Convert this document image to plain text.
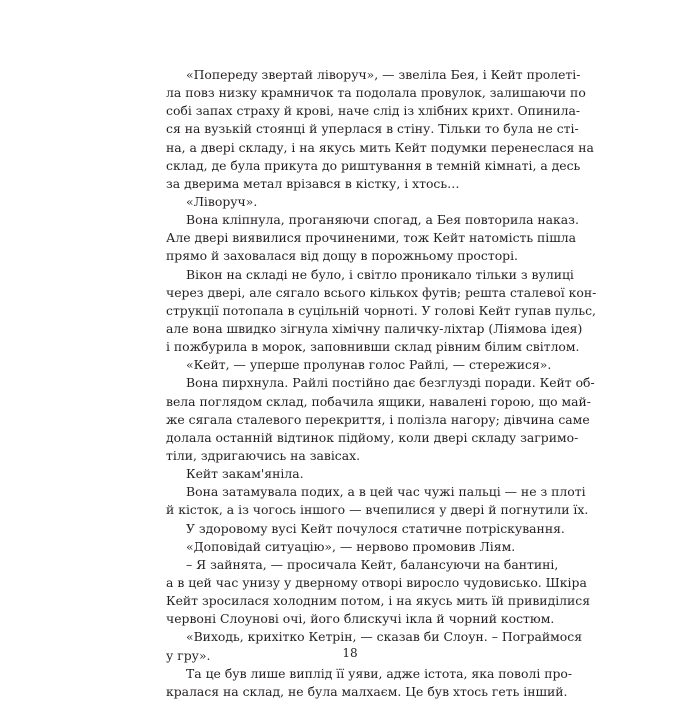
«Попереду звертай ліворуч», — звеліла Бея, і Кейт пролеті-
ла повз низку крамничок та подолала провулок, залишаючи по
собі запах страху й крові, наче слід із хлібних крихт. Опинила-
ся на вузькій стоянці й уперлася в стіну. Тільки то була не сті-
на, а двері складу, і на якусь мить Кейт подумки перенеслася на
склад, де була прикута до риштування в темній кімнаті, а десь
за дверима метал врізався в кістку, і хтось…
«Ліворуч».
Вона кліпнула, проганяючи спогад, а Бея повторила наказ.
Але двері виявилися прочиненими, тож Кейт натомість пішла
прямо й заховалася від дощу в порожньому просторі.
Вікон на складі не було, і світло проникало тільки з вулиці
через двері, але сягало всього кількох футів; решта сталевої кон-
струкції потопала в суцільній чорноті. У голові Кейт гупав пульс,
але вона швидко зігнула хімічну паличку-ліхтар (Ліямова ідея)
і пожбурила в морок, заповнивши склад рівним білим світлом.
«Кейт, — уперше пролунав голос Райлі, — стережися».
Вона пирхнула. Райлі постійно дає безглузді поради. Кейт об-
вела поглядом склад, побачила ящики, навалені горою, що май-
же сягала сталевого перекриття, і полізла нагору; дівчина саме
долала останній відтинок підйому, коли двері складу загримо-
тіли, здригаючись на завісах.
Кейт закам'яніла.
Вона затамувала подих, а в цей час чужі пальці — не з плоті
й кісток, а із чогось іншого — вчепилися у двері й погнутили їх.
У здоровому вусі Кейт почулося статичне потріскування.
«Доповідай ситуацію», — нервово промовив Ліям.
– Я зайнята, — просичала Кейт, балансуючи на бантині,
а в цей час унизу у дверному отворі виросло чудовисько. Шкіра
Кейт зросилася холодним потом, і на якусь мить їй привиділися
червоні Слоунові очі, його блискучі ікла й чорний костюм.
«Виходь, крихітко Кетрін, — сказав би Слоун. – Пограймося
у гру».
Та це був лише виплід її уяви, адже істота, яка поволі про-
кралася на склад, не була малхаєм. Це був хтось геть інший.
18
